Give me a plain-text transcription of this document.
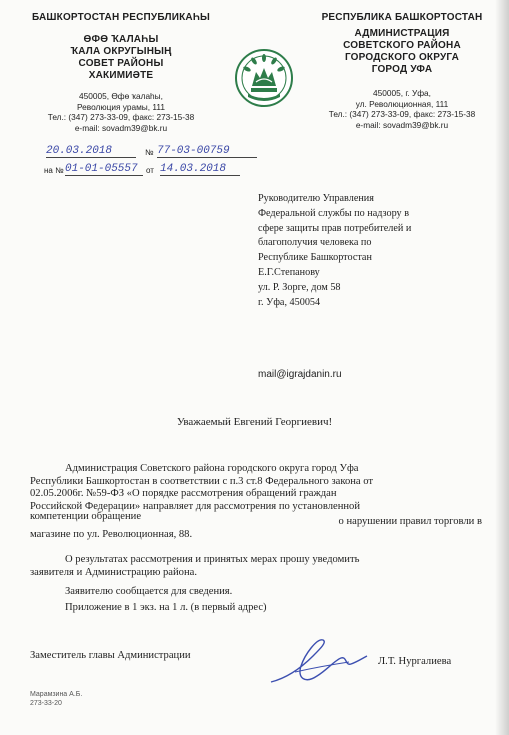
БАШКОРТОСТАН РЕСПУБЛИКАҺЫ
ӨФӨ ҠАЛАҺЫ
ҠАЛА ОКРУГЫНЫҢ
СОВЕТ РАЙОНЫ
ХАКИМИӘТЕ
450005, Өфө ҡалаһы,
Революция урамы, 111
Тел.: (347) 273-33-09, факс: 273-15-38
e-mail: sovadm39@bk.ru
РЕСПУБЛИКА БАШКОРТОСТАН
АДМИНИСТРАЦИЯ
СОВЕТСКОГО РАЙОНА
ГОРОДСКОГО ОКРУГА
ГОРОД УФА
450005, г. Уфа,
ул. Революционная, 111
Тел.: (347) 273-33-09, факс: 273-15-38
e-mail: sovadm39@bk.ru
20.03.2018	№ 77-03-00759
на № 01-01-05557	от 14.03.2018
Руководителю Управления
Федеральной службы по надзору в
сфере защиты прав потребителей и
благополучия человека по
Республике Башкортостан
Е.Г.Степанову
ул. Р. Зорге, дом 58
г. Уфа, 450054
mail@igrajdanin.ru
Уважаемый Евгений Георгиевич!
Администрация Советского района городского округа город Уфа
Республики Башкортостан в соответствии с п.3 ст.8 Федерального закона от
02.05.2006г. №59-ФЗ «О порядке рассмотрения обращений граждан
Российской Федерации» направляет для рассмотрения по установленной
компетенции обращение	о нарушении правил торговли в
магазине по ул. Революционная, 88.
О результатах рассмотрения и принятых мерах прошу уведомить
заявителя и Администрацию района.
Заявителю сообщается для сведения.
Приложение в 1 экз. на 1 л. (в первый адрес)
Заместитель главы Администрации
Л.Т. Нургалиева
Марамзина А.Б.
273-33-20
